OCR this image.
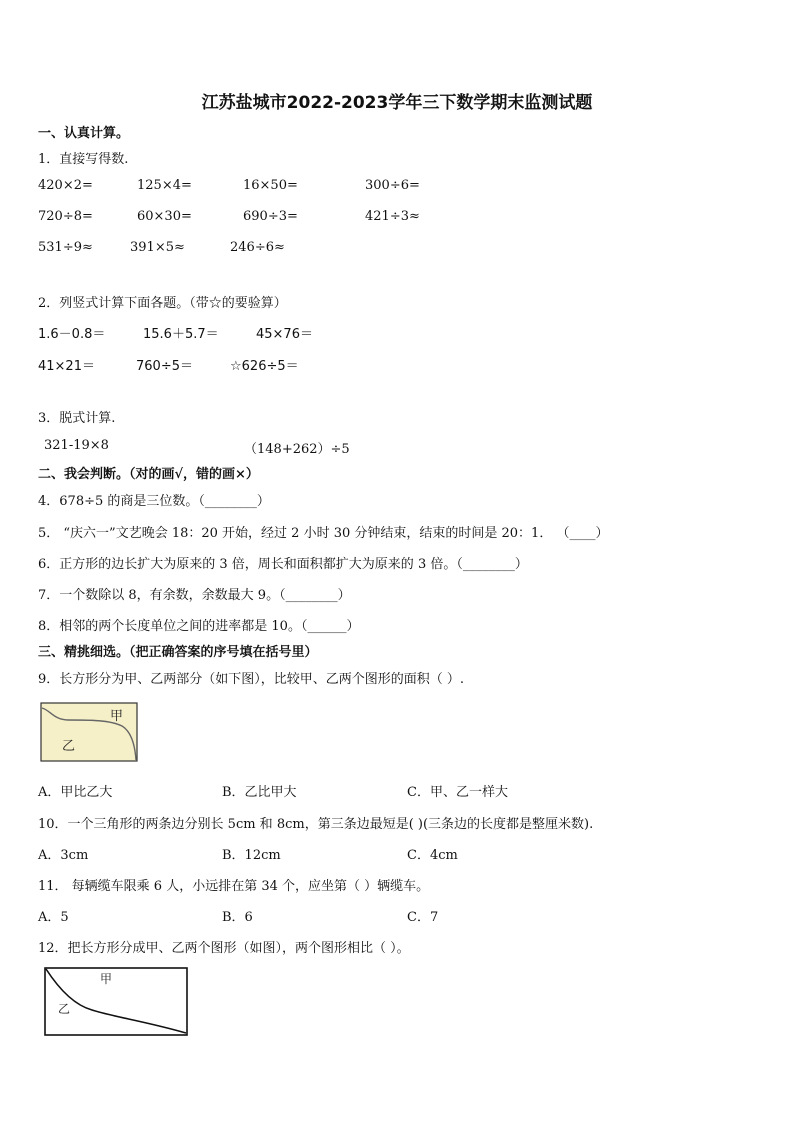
江苏盐城市2022-2023学年三下数学期末监测试题
一、认真计算。
1．直接写得数.
420×2=	125×4=	16×50=	300÷6=
720÷8=	60×30=	690÷3=	421÷3≈
531÷9≈	391×5≈	246÷6≈
2．列竖式计算下面各题。（带☆的要验算）
1.6－0.8＝	15.6＋5.7＝	45×76＝
41×21＝	760÷5＝	☆626÷5＝
3．脱式计算.
321-19×8	（148+262）÷5
二、我会判断。（对的画√，错的画×）
4．678÷5 的商是三位数。（________）
5． “庆六一”文艺晚会 18：20 开始，经过 2 小时 30 分钟结束，结束的时间是 20：1． （____）
6．正方形的边长扩大为原来的 3 倍，周长和面积都扩大为原来的 3 倍。（________）
7．一个数除以 8，有余数，余数最大 9。（________）
8．相邻的两个长度单位之间的进率都是 10。（______）
三、精挑细选。（把正确答案的序号填在括号里）
9．长方形分为甲、乙两部分（如下图），比较甲、乙两个图形的面积（ ）.
甲
乙
A．甲比乙大	B．乙比甲大	C．甲、乙一样大
10．一个三角形的两条边分别长 5cm 和 8cm，第三条边最短是( )(三条边的长度都是整厘米数).
A．3cm	B．12cm	C．4cm
11． 每辆缆车限乘 6 人，小远排在第 34 个，应坐第（ ）辆缆车。
A．5	B．6	C．7
12．把长方形分成甲、乙两个图形（如图），两个图形相比（ ）。
甲
乙
